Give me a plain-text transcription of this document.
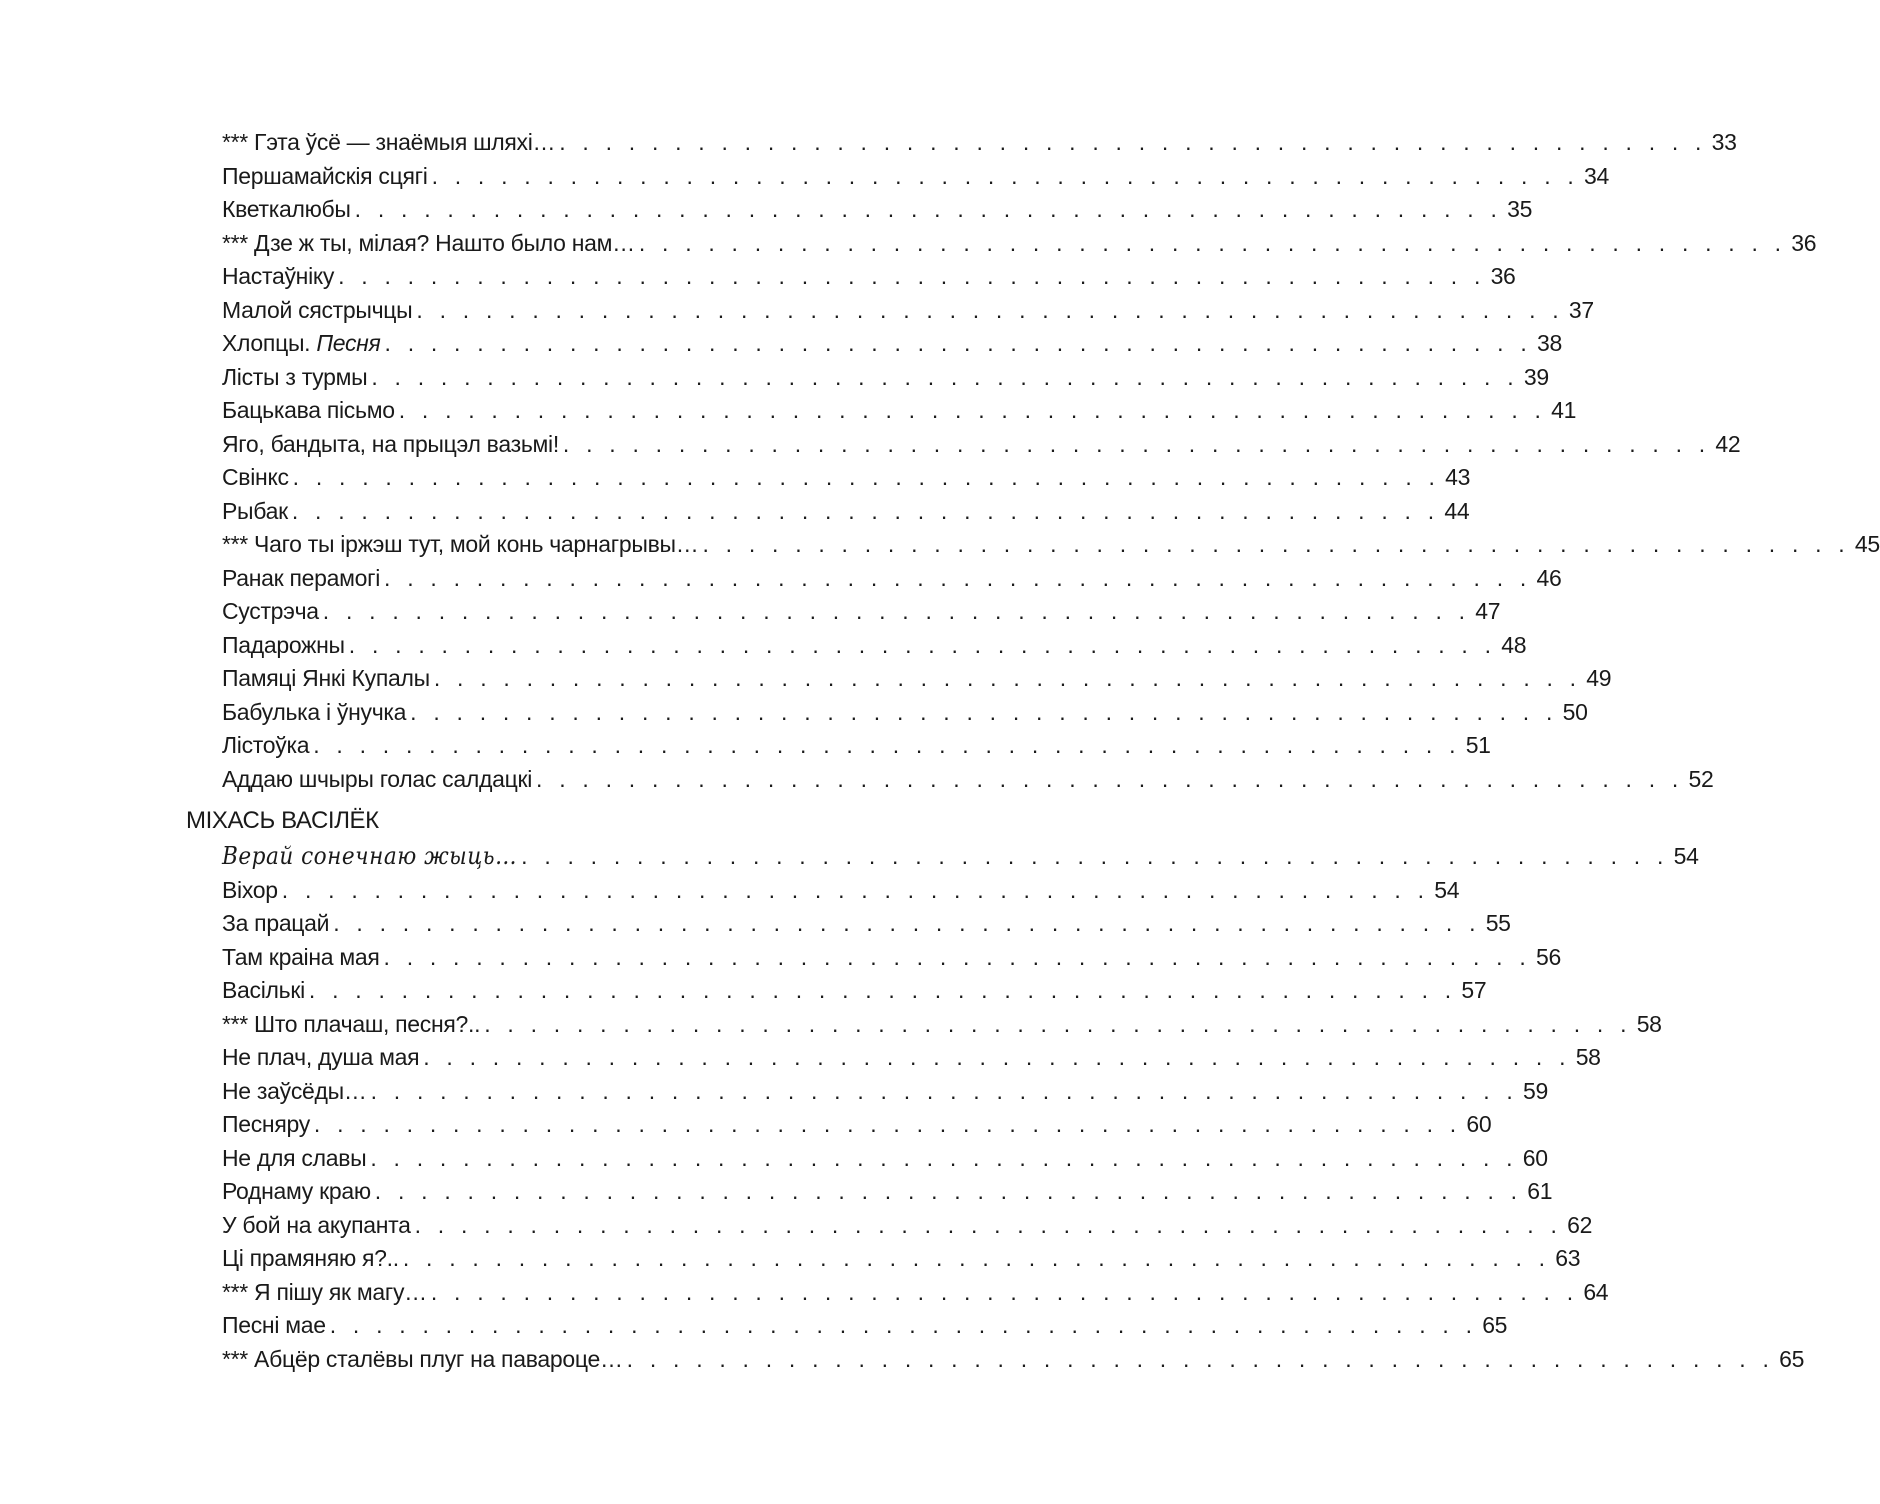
*** Гэта ўсё — знаёмыя шляхі… . . . . . . . . . . . . . . . . . . . . . . . . . . . . . . . . . . . . . . . . . . . . . . . . . . 33
Першамайскія сцягі . . . . . . . . . . . . . . . . . . . . . . . . . . . . . . . . . . . . . . . . . . . . . . . . . . 34
Кветкалюбы . . . . . . . . . . . . . . . . . . . . . . . . . . . . . . . . . . . . . . . . . . . . . . . . . . 35
*** Дзе ж ты, мілая? Нашто было нам… . . . . . . . . . . . . . . . . . . . . . . . . . . . . . . . . . . . . . . . . . . . . . . . . . . 36
Настаўніку . . . . . . . . . . . . . . . . . . . . . . . . . . . . . . . . . . . . . . . . . . . . . . . . . . 36
Малой сястрычцы . . . . . . . . . . . . . . . . . . . . . . . . . . . . . . . . . . . . . . . . . . . . . . . . . . 37
Хлопцы. Песня . . . . . . . . . . . . . . . . . . . . . . . . . . . . . . . . . . . . . . . . . . . . . . . . . . 38
Лісты з турмы . . . . . . . . . . . . . . . . . . . . . . . . . . . . . . . . . . . . . . . . . . . . . . . . . . 39
Бацькава пісьмо . . . . . . . . . . . . . . . . . . . . . . . . . . . . . . . . . . . . . . . . . . . . . . . . . . 41
Яго, бандыта, на прыцэл вазьмі! . . . . . . . . . . . . . . . . . . . . . . . . . . . . . . . . . . . . . . . . . . . . . . . . . . 42
Свінкс . . . . . . . . . . . . . . . . . . . . . . . . . . . . . . . . . . . . . . . . . . . . . . . . . . 43
Рыбак . . . . . . . . . . . . . . . . . . . . . . . . . . . . . . . . . . . . . . . . . . . . . . . . . . 44
*** Чаго ты іржэш тут, мой конь чарнагрывы… . . . . . . . . . . . . . . . . . . . . . . . . . . . . . . . . . . . . . . . . . . . . . . . . . . 45
Ранак перамогі . . . . . . . . . . . . . . . . . . . . . . . . . . . . . . . . . . . . . . . . . . . . . . . . . . 46
Сустрэча . . . . . . . . . . . . . . . . . . . . . . . . . . . . . . . . . . . . . . . . . . . . . . . . . . 47
Падарожны . . . . . . . . . . . . . . . . . . . . . . . . . . . . . . . . . . . . . . . . . . . . . . . . . . 48
Памяці Янкі Купалы . . . . . . . . . . . . . . . . . . . . . . . . . . . . . . . . . . . . . . . . . . . . . . . . . . 49
Бабулька і ўнучка . . . . . . . . . . . . . . . . . . . . . . . . . . . . . . . . . . . . . . . . . . . . . . . . . . 50
Лістоўка . . . . . . . . . . . . . . . . . . . . . . . . . . . . . . . . . . . . . . . . . . . . . . . . . . 51
Аддаю шчыры голас салдацкі . . . . . . . . . . . . . . . . . . . . . . . . . . . . . . . . . . . . . . . . . . . . . . . . . . 52
МІХАСЬ ВАСІЛЁК
Верай сонечнаю жыць… . . . . . . . . . . . . . . . . . . . . . . . . . . . . . . . . . . . . . . . . . . . . . . . . . . 54
Віхор . . . . . . . . . . . . . . . . . . . . . . . . . . . . . . . . . . . . . . . . . . . . . . . . . . 54
За працай . . . . . . . . . . . . . . . . . . . . . . . . . . . . . . . . . . . . . . . . . . . . . . . . . . 55
Там краіна мая . . . . . . . . . . . . . . . . . . . . . . . . . . . . . . . . . . . . . . . . . . . . . . . . . . 56
Васількі . . . . . . . . . . . . . . . . . . . . . . . . . . . . . . . . . . . . . . . . . . . . . . . . . . 57
*** Што плачаш, песня?.. . . . . . . . . . . . . . . . . . . . . . . . . . . . . . . . . . . . . . . . . . . . . . . . . . . 58
Не плач, душа мая . . . . . . . . . . . . . . . . . . . . . . . . . . . . . . . . . . . . . . . . . . . . . . . . . . 58
Не заўсёды… . . . . . . . . . . . . . . . . . . . . . . . . . . . . . . . . . . . . . . . . . . . . . . . . . . 59
Песняру . . . . . . . . . . . . . . . . . . . . . . . . . . . . . . . . . . . . . . . . . . . . . . . . . . 60
Не для славы . . . . . . . . . . . . . . . . . . . . . . . . . . . . . . . . . . . . . . . . . . . . . . . . . . 60
Роднаму краю . . . . . . . . . . . . . . . . . . . . . . . . . . . . . . . . . . . . . . . . . . . . . . . . . . 61
У бой на акупанта . . . . . . . . . . . . . . . . . . . . . . . . . . . . . . . . . . . . . . . . . . . . . . . . . . 62
Ці прамяняю я?.. . . . . . . . . . . . . . . . . . . . . . . . . . . . . . . . . . . . . . . . . . . . . . . . . . . 63
*** Я пішу як магу… . . . . . . . . . . . . . . . . . . . . . . . . . . . . . . . . . . . . . . . . . . . . . . . . . . 64
Песні мае . . . . . . . . . . . . . . . . . . . . . . . . . . . . . . . . . . . . . . . . . . . . . . . . . . 65
*** Абцёр сталёвы плуг на павароце… . . . . . . . . . . . . . . . . . . . . . . . . . . . . . . . . . . . . . . . . . . . . . . . . . . 65
